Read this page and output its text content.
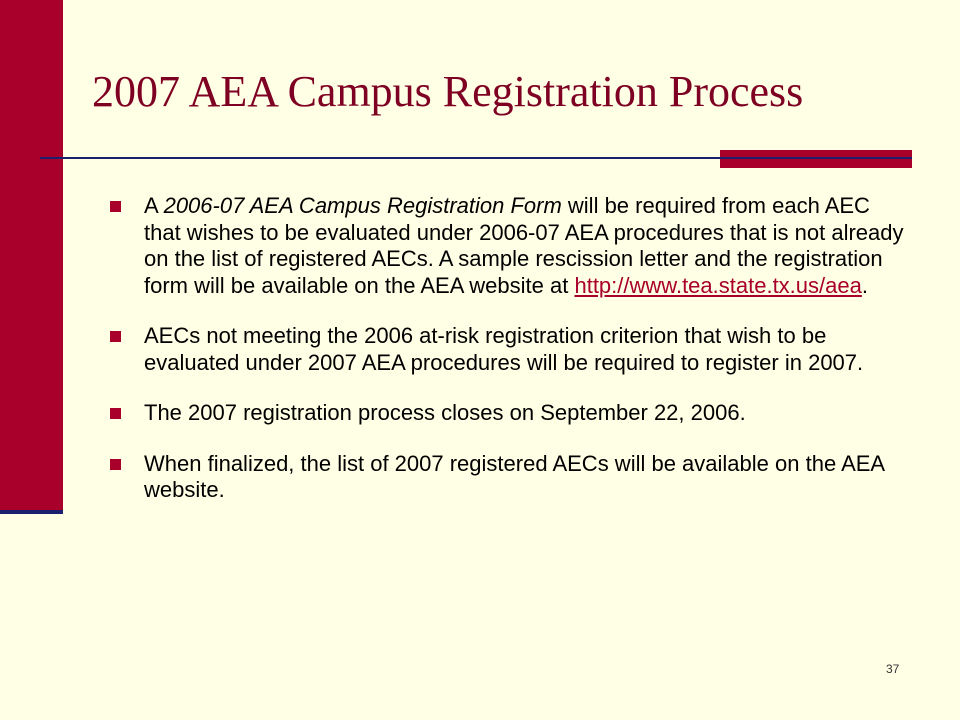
2007 AEA Campus Registration Process
A 2006-07 AEA Campus Registration Form will be required from each AEC that wishes to be evaluated under 2006-07 AEA procedures that is not already on the list of registered AECs. A sample rescission letter and the registration form will be available on the AEA website at http://www.tea.state.tx.us/aea.
AECs not meeting the 2006 at-risk registration criterion that wish to be evaluated under 2007 AEA procedures will be required to register in 2007.
The 2007 registration process closes on September 22, 2006.
When finalized, the list of 2007 registered AECs will be available on the AEA website.
37
